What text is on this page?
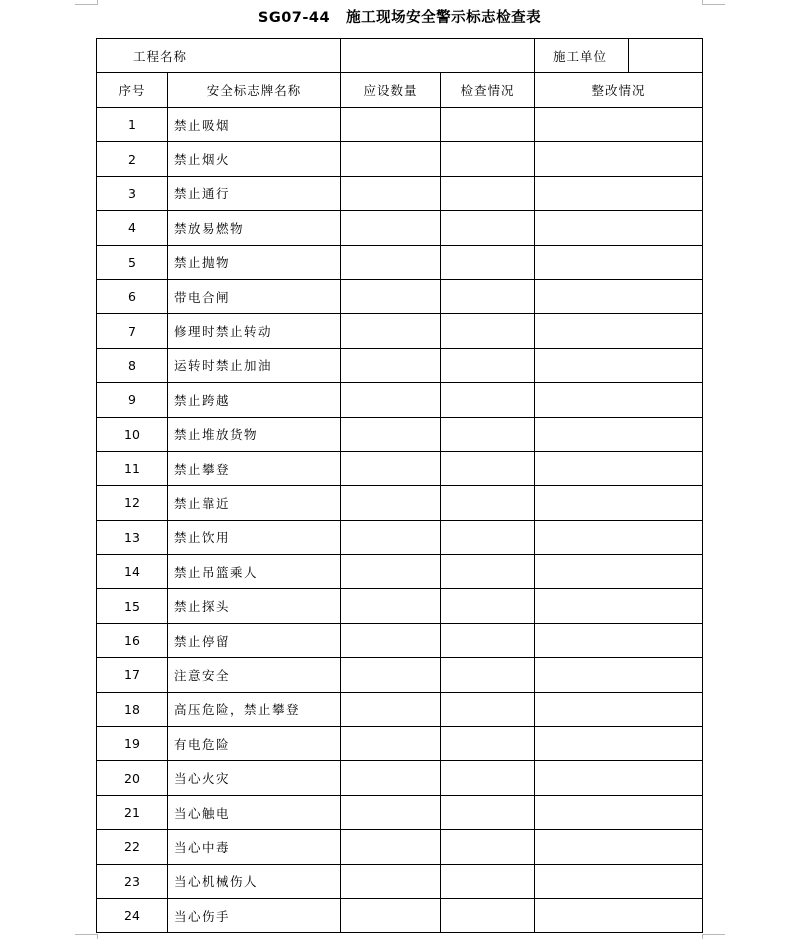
SG07-44 施工现场安全警示标志检查表
工程名称				施工单位

序号	安全标志牌名称	应设数量	检查情况	整改情况
1	禁止吸烟			
2	禁止烟火			
3	禁止通行			
4	禁放易燃物			
5	禁止抛物			
6	带电合闸			
7	修理时禁止转动			
8	运转时禁止加油			
9	禁止跨越			
10	禁止堆放货物			
11	禁止攀登			
12	禁止靠近			
13	禁止饮用			
14	禁止吊篮乘人			
15	禁止探头			
16	禁止停留			
17	注意安全			
18	高压危险，禁止攀登			
19	有电危险			
20	当心火灾			
21	当心触电			
22	当心中毒			
23	当心机械伤人			
24	当心伤手			
